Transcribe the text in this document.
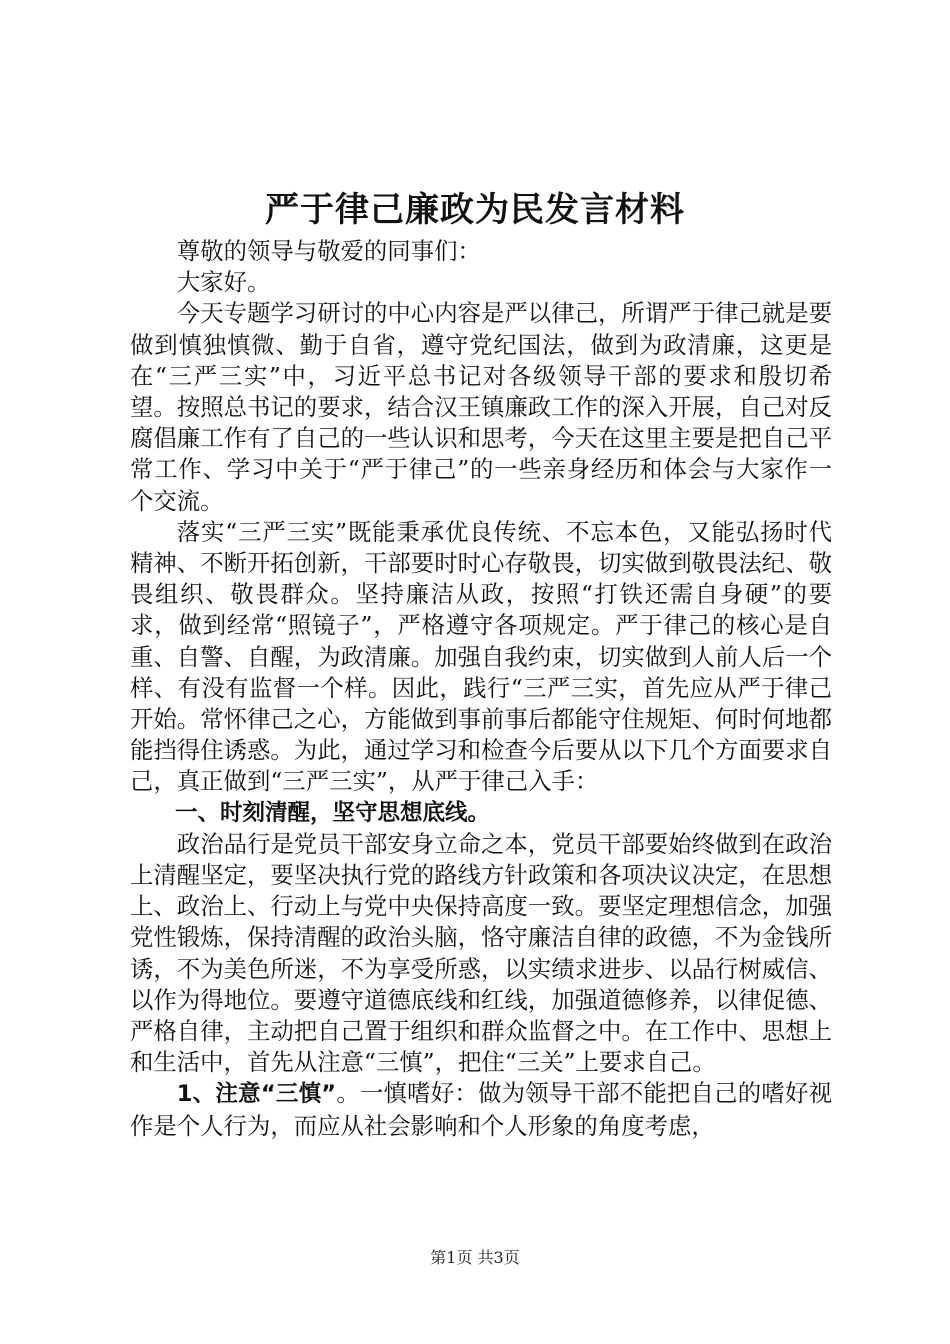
严于律己廉政为民发言材料

尊敬的领导与敬爱的同事们：

大家好。

今天专题学习研讨的中心内容是严以律己，所谓严于律己就是要做到慎独慎微、勤于自省，遵守党纪国法，做到为政清廉，这更是在“三严三实”中，习近平总书记对各级领导干部的要求和殷切希望。按照总书记的要求，结合汉王镇廉政工作的深入开展，自己对反腐倡廉工作有了自己的一些认识和思考，今天在这里主要是把自己平常工作、学习中关于“严于律己”的一些亲身经历和体会与大家作一个交流。

落实“三严三实”既能秉承优良传统、不忘本色，又能弘扬时代精神、不断开拓创新，干部要时时心存敬畏，切实做到敬畏法纪、敬畏组织、敬畏群众。坚持廉洁从政，按照“打铁还需自身硬”的要求，做到经常“照镜子”，严格遵守各项规定。严于律己的核心是自重、自警、自醒，为政清廉。加强自我约束，切实做到人前人后一个样、有没有监督一个样。因此，践行“三严三实，首先应从严于律己开始。常怀律己之心，方能做到事前事后都能守住规矩、何时何地都能挡得住诱惑。为此，通过学习和检查今后要从以下几个方面要求自己，真正做到“三严三实”，从严于律己入手：

一、时刻清醒，坚守思想底线。

政治品行是党员干部安身立命之本，党员干部要始终做到在政治上清醒坚定，要坚决执行党的路线方针政策和各项决议决定，在思想上、政治上、行动上与党中央保持高度一致。要坚定理想信念，加强党性锻炼，保持清醒的政治头脑，恪守廉洁自律的政德，不为金钱所诱，不为美色所迷，不为享受所惑，以实绩求进步、以品行树威信、以作为得地位。要遵守道德底线和红线，加强道德修养，以律促德、严格自律，主动把自己置于组织和群众监督之中。在工作中、思想上和生活中，首先从注意“三慎”，把住“三关”上要求自己。

1、注意“三慎”。一慎嗜好：做为领导干部不能把自己的嗜好视作是个人行为，而应从社会影响和个人形象的角度考虑，

第1页 共3页
